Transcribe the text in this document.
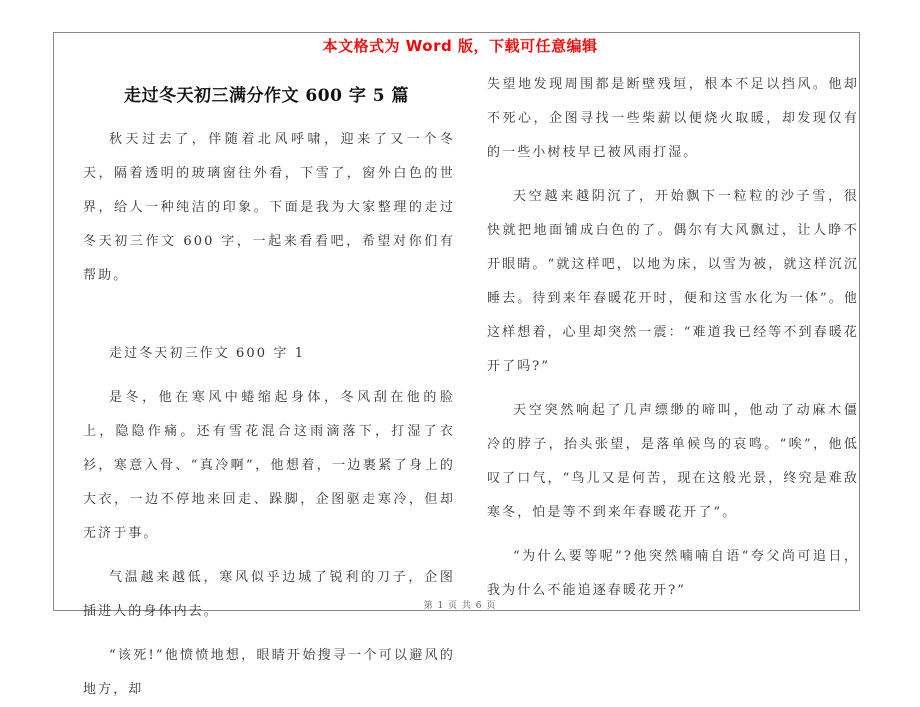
本文格式为 Word 版，下载可任意编辑
走过冬天初三满分作文 600 字 5 篇

秋天过去了，伴随着北风呼啸，迎来了又一个冬天，隔着透明的玻璃窗往外看，下雪了，窗外白色的世界，给人一种纯洁的印象。下面是我为大家整理的走过冬天初三作文 600 字，一起来看看吧，希望对你们有帮助。

走过冬天初三作文 600 字 1

是冬，他在寒风中蜷缩起身体，冬风刮在他的脸上，隐隐作痛。还有雪花混合这雨滴落下，打湿了衣衫，寒意入骨、“真冷啊”，他想着，一边裹紧了身上的大衣，一边不停地来回走、跺脚，企图驱走寒冷，但却无济于事。

气温越来越低，寒风似乎边城了锐利的刀子，企图插进人的身体内去。

“该死!”他愤愤地想，眼睛开始搜寻一个可以避风的地方，却

失望地发现周围都是断壁残垣，根本不足以挡风。他却不死心，企图寻找一些柴薪以便烧火取暖，却发现仅有的一些小树枝早已被风雨打湿。

天空越来越阴沉了，开始飘下一粒粒的沙子雪，很快就把地面铺成白色的了。偶尔有大风飘过，让人睁不开眼睛。“就这样吧，以地为床，以雪为被，就这样沉沉睡去。待到来年春暖花开时，便和这雪水化为一体”。他这样想着，心里却突然一震：“难道我已经等不到春暖花开了吗?”

天空突然响起了几声缥缈的啼叫，他动了动麻木僵冷的脖子，抬头张望，是落单候鸟的哀鸣。“唉”，他低叹了口气，“鸟儿又是何苦，现在这般光景，终究是难敌寒冬，怕是等不到来年春暖花开了”。

“为什么要等呢”?他突然喃喃自语“夸父尚可追日，我为什么不能追逐春暖花开?”

第 1 页 共 6 页
